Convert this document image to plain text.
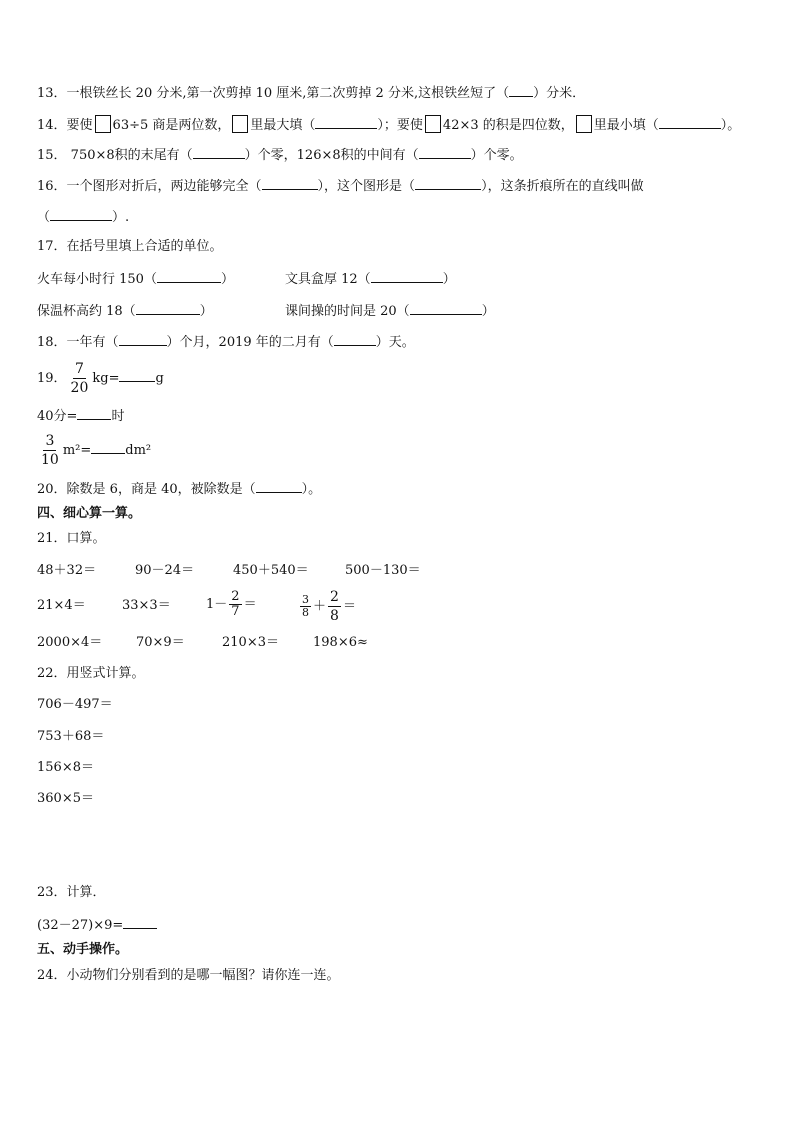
13．一根铁丝长 20 分米,第一次剪掉 10 厘米,第二次剪掉 2 分米,这根铁丝短了（ ）分米．
14．要使 63÷5 商是两位数， 里最大填（	）；要使 42×3 的积是四位数， 里最小填（	）。
15． 750×8积的末尾有（	）个零，126×8积的中间有（	）个零。
16．一个图形对折后，两边能够完全（	），这个图形是（	），这条折痕所在的直线叫做
（	）.
17．在括号里填上合适的单位。
火车每小时行 150（	）	文具盒厚 12（	）
保温杯高约 18（	）	课间操的时间是 20（	）
18．一年有（	）个月，2019 年的二月有（	）天。
19． $\frac{7}{20} kg=$	g
40分=	时
$\frac{3}{10} m^2=$	dm²
20．除数是 6，商是 40，被除数是（	）。
四、细心算一算。
21．口算。
48＋32＝	90－24＝	450＋540＝	500－130＝
21×4＝	33×3＝	$1- \frac{2}{7}$ ＝	$\frac{3}{8} + \frac{2}{8}$ ＝
2000×4＝	70×9＝	210×3＝	198×6≈
22．用竖式计算。
706－497＝
753＋68＝
156×8＝
360×5＝
23．计算．
(32－27)×9=
五、动手操作。
24．小动物们分别看到的是哪一幅图？请你连一连。
